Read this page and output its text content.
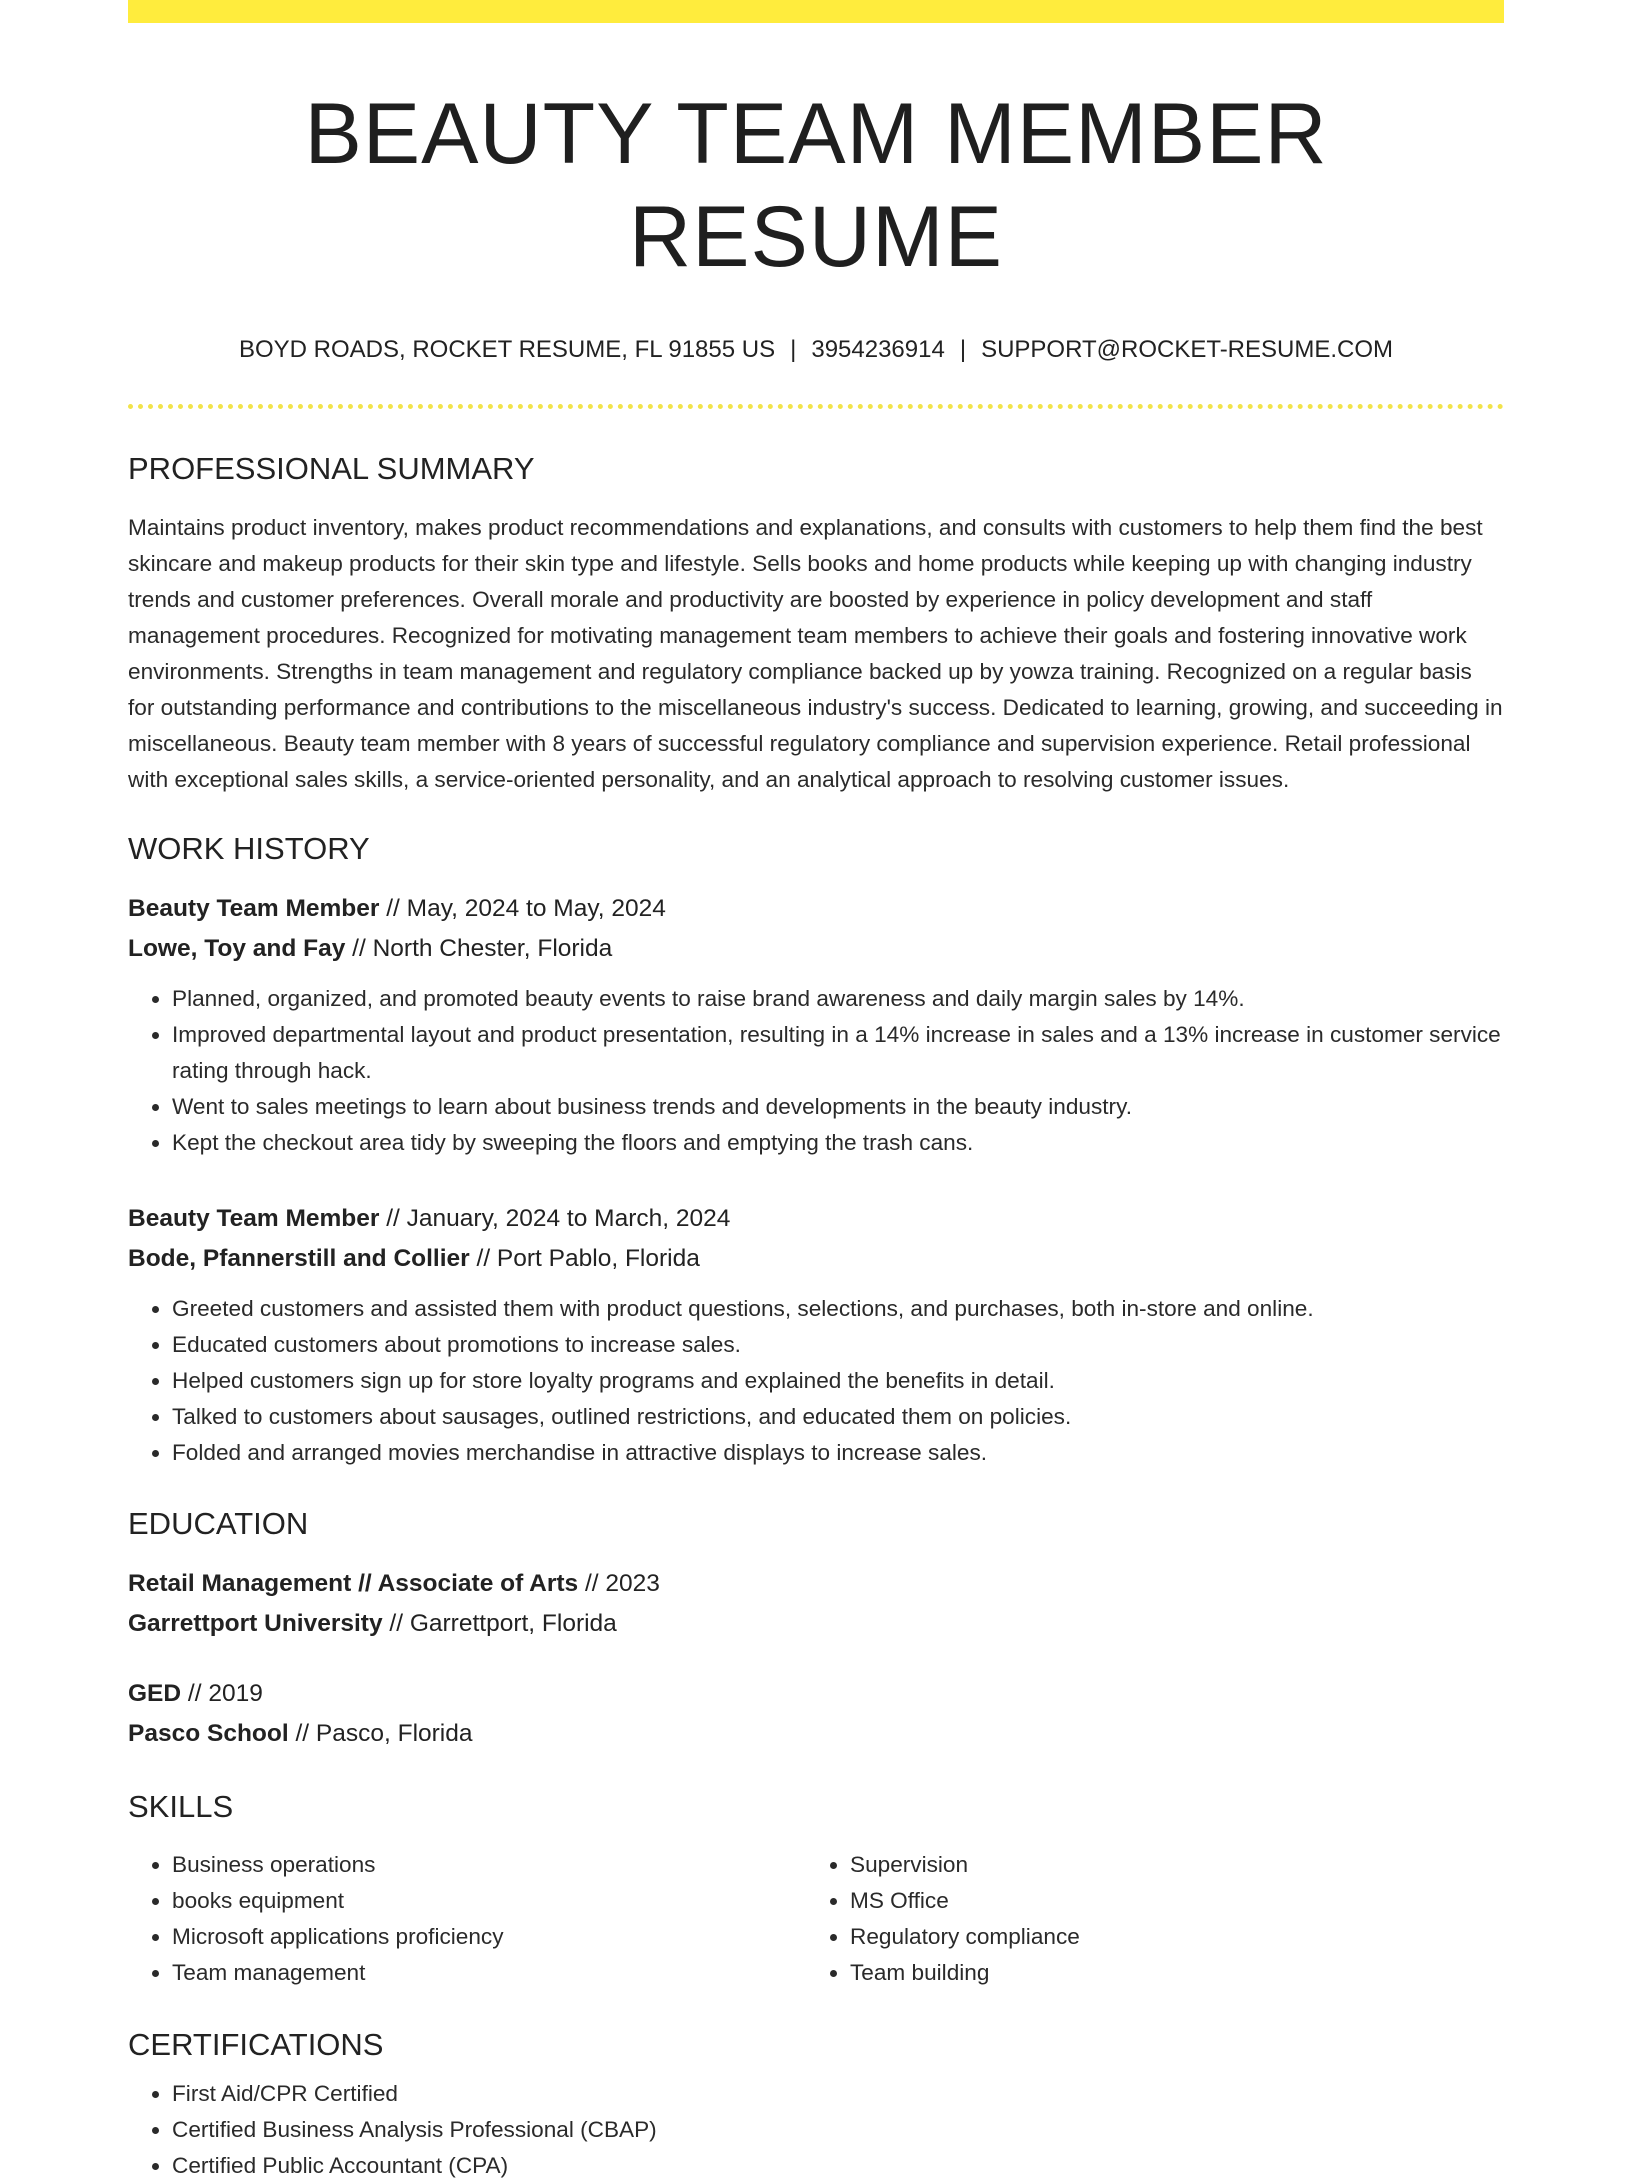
BEAUTY TEAM MEMBER RESUME
BOYD ROADS, ROCKET RESUME, FL 91855 US | 3954236914 | SUPPORT@ROCKET-RESUME.COM
PROFESSIONAL SUMMARY
Maintains product inventory, makes product recommendations and explanations, and consults with customers to help them find the best skincare and makeup products for their skin type and lifestyle. Sells books and home products while keeping up with changing industry trends and customer preferences. Overall morale and productivity are boosted by experience in policy development and staff management procedures. Recognized for motivating management team members to achieve their goals and fostering innovative work environments. Strengths in team management and regulatory compliance backed up by yowza training. Recognized on a regular basis for outstanding performance and contributions to the miscellaneous industry's success. Dedicated to learning, growing, and succeeding in miscellaneous. Beauty team member with 8 years of successful regulatory compliance and supervision experience. Retail professional with exceptional sales skills, a service-oriented personality, and an analytical approach to resolving customer issues.
WORK HISTORY
Beauty Team Member // May, 2024 to May, 2024
Lowe, Toy and Fay // North Chester, Florida
• Planned, organized, and promoted beauty events to raise brand awareness and daily margin sales by 14%.
• Improved departmental layout and product presentation, resulting in a 14% increase in sales and a 13% increase in customer service rating through hack.
• Went to sales meetings to learn about business trends and developments in the beauty industry.
• Kept the checkout area tidy by sweeping the floors and emptying the trash cans.
Beauty Team Member // January, 2024 to March, 2024
Bode, Pfannerstill and Collier // Port Pablo, Florida
• Greeted customers and assisted them with product questions, selections, and purchases, both in-store and online.
• Educated customers about promotions to increase sales.
• Helped customers sign up for store loyalty programs and explained the benefits in detail.
• Talked to customers about sausages, outlined restrictions, and educated them on policies.
• Folded and arranged movies merchandise in attractive displays to increase sales.
EDUCATION
Retail Management // Associate of Arts // 2023
Garrettport University // Garrettport, Florida
GED // 2019
Pasco School // Pasco, Florida
SKILLS
• Business operations
• books equipment
• Microsoft applications proficiency
• Team management
• Supervision
• MS Office
• Regulatory compliance
• Team building
CERTIFICATIONS
• First Aid/CPR Certified
• Certified Business Analysis Professional (CBAP)
• Certified Public Accountant (CPA)
